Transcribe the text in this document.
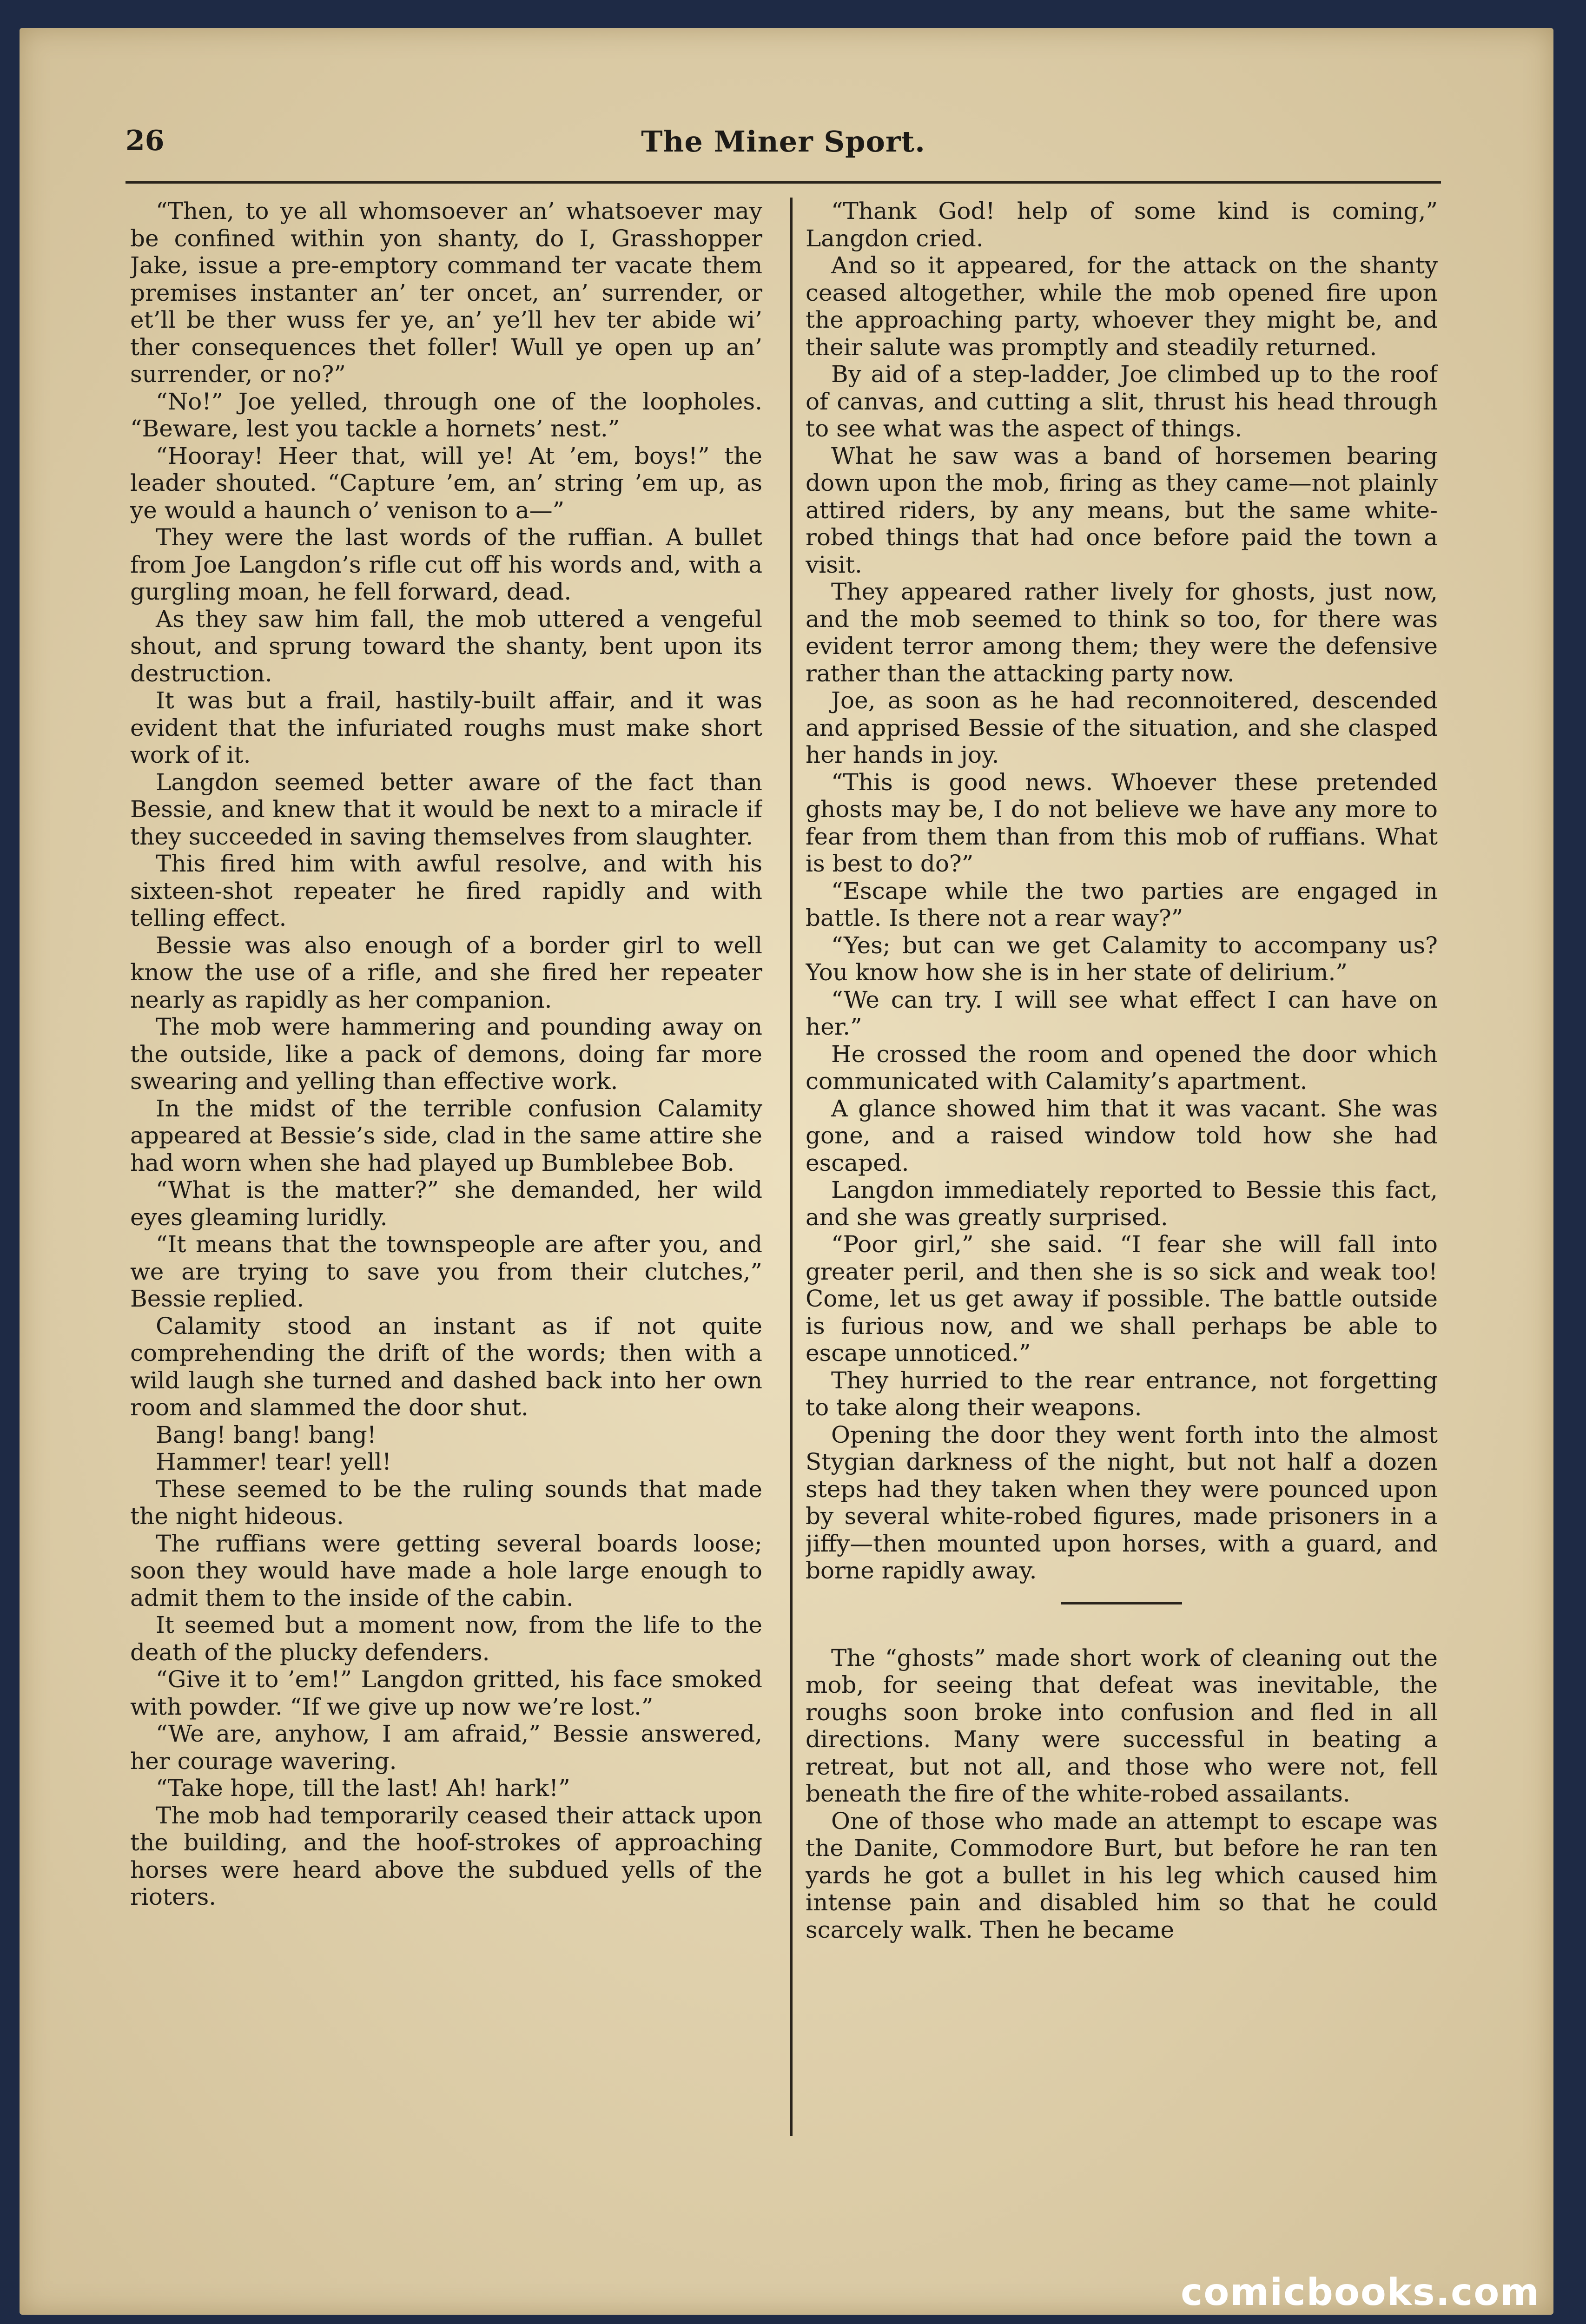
26	The Miner Sport.

“Then, to ye all whomsoever an’ whatsoever may be confined within yon shanty, do I, Grasshopper Jake, issue a pre-emptory command ter vacate them premises instanter an’ ter oncet, an’ surrender, or et’ll be ther wuss fer ye, an’ ye’ll hev ter abide wi’ ther consequences thet foller! Wull ye open up an’ surrender, or no?”

“No!” Joe yelled, through one of the loopholes. “Beware, lest you tackle a hornets’ nest.”

“Hooray! Heer that, will ye! At ’em, boys!” the leader shouted. “Capture ’em, an’ string ’em up, as ye would a haunch o’ venison to a—”

They were the last words of the ruffian. A bullet from Joe Langdon’s rifle cut off his words and, with a gurgling moan, he fell forward, dead.

As they saw him fall, the mob uttered a vengeful shout, and sprung toward the shanty, bent upon its destruction.

It was but a frail, hastily-built affair, and it was evident that the infuriated roughs must make short work of it.

Langdon seemed better aware of the fact than Bessie, and knew that it would be next to a miracle if they succeeded in saving themselves from slaughter.

This fired him with awful resolve, and with his sixteen-shot repeater he fired rapidly and with telling effect.

Bessie was also enough of a border girl to well know the use of a rifle, and she fired her repeater nearly as rapidly as her companion.

The mob were hammering and pounding away on the outside, like a pack of demons, doing far more swearing and yelling than effective work.

In the midst of the terrible confusion Calamity appeared at Bessie’s side, clad in the same attire she had worn when she had played up Bumblebee Bob.

“What is the matter?” she demanded, her wild eyes gleaming luridly.

“It means that the townspeople are after you, and we are trying to save you from their clutches,” Bessie replied.

Calamity stood an instant as if not quite comprehending the drift of the words; then with a wild laugh she turned and dashed back into her own room and slammed the door shut.

Bang! bang! bang!

Hammer! tear! yell!

These seemed to be the ruling sounds that made the night hideous.

The ruffians were getting several boards loose; soon they would have made a hole large enough to admit them to the inside of the cabin.

It seemed but a moment now, from the life to the death of the plucky defenders.

“Give it to ’em!” Langdon gritted, his face smoked with powder. “If we give up now we’re lost.”

“We are, anyhow, I am afraid,” Bessie answered, her courage wavering.

“Take hope, till the last! Ah! hark!”

The mob had temporarily ceased their attack upon the building, and the hoof-strokes of approaching horses were heard above the subdued yells of the rioters.

“Thank God! help of some kind is coming,” Langdon cried.

And so it appeared, for the attack on the shanty ceased altogether, while the mob opened fire upon the approaching party, whoever they might be, and their salute was promptly and steadily returned.

By aid of a step-ladder, Joe climbed up to the roof of canvas, and cutting a slit, thrust his head through to see what was the aspect of things.

What he saw was a band of horsemen bearing down upon the mob, firing as they came—not plainly attired riders, by any means, but the same white-robed things that had once before paid the town a visit.

They appeared rather lively for ghosts, just now, and the mob seemed to think so too, for there was evident terror among them; they were the defensive rather than the attacking party now.

Joe, as soon as he had reconnoitered, descended and apprised Bessie of the situation, and she clasped her hands in joy.

“This is good news. Whoever these pretended ghosts may be, I do not believe we have any more to fear from them than from this mob of ruffians. What is best to do?”

“Escape while the two parties are engaged in battle. Is there not a rear way?”

“Yes; but can we get Calamity to accompany us? You know how she is in her state of delirium.”

“We can try. I will see what effect I can have on her.”

He crossed the room and opened the door which communicated with Calamity’s apartment.

A glance showed him that it was vacant. She was gone, and a raised window told how she had escaped.

Langdon immediately reported to Bessie this fact, and she was greatly surprised.

“Poor girl,” she said. “I fear she will fall into greater peril, and then she is so sick and weak too! Come, let us get away if possible. The battle outside is furious now, and we shall perhaps be able to escape unnoticed.”

They hurried to the rear entrance, not forgetting to take along their weapons.

Opening the door they went forth into the almost Stygian darkness of the night, but not half a dozen steps had they taken when they were pounced upon by several white-robed figures, made prisoners in a jiffy—then mounted upon horses, with a guard, and borne rapidly away.

The “ghosts” made short work of cleaning out the mob, for seeing that defeat was inevitable, the roughs soon broke into confusion and fled in all directions. Many were successful in beating a retreat, but not all, and those who were not, fell beneath the fire of the white-robed assailants.

One of those who made an attempt to escape was the Danite, Commodore Burt, but before he ran ten yards he got a bullet in his leg which caused him intense pain and disabled him so that he could scarcely walk. Then he became

comicbooks.com
